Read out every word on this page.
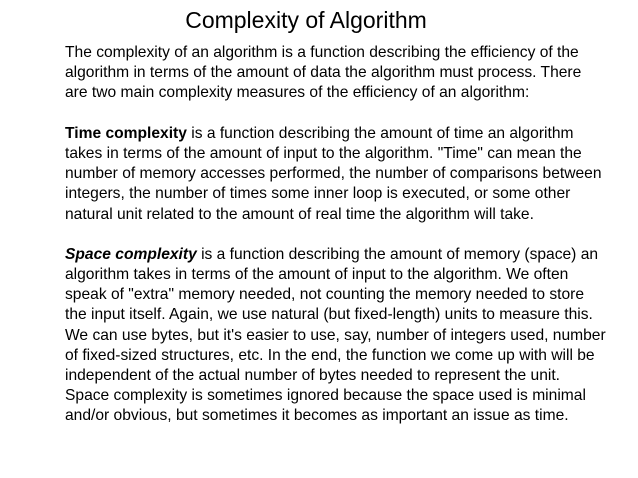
Complexity of Algorithm
The complexity of an algorithm is a function describing the efficiency of the
algorithm in terms of the amount of data the algorithm must process. There
are two main complexity measures of the efficiency of an algorithm:
Time complexity is a function describing the amount of time an algorithm
takes in terms of the amount of input to the algorithm. "Time" can mean the
number of memory accesses performed, the number of comparisons between
integers, the number of times some inner loop is executed, or some other
natural unit related to the amount of real time the algorithm will take.
Space complexity is a function describing the amount of memory (space) an
algorithm takes in terms of the amount of input to the algorithm. We often
speak of "extra" memory needed, not counting the memory needed to store
the input itself. Again, we use natural (but fixed-length) units to measure this.
We can use bytes, but it's easier to use, say, number of integers used, number
of fixed-sized structures, etc. In the end, the function we come up with will be
independent of the actual number of bytes needed to represent the unit.
Space complexity is sometimes ignored because the space used is minimal
and/or obvious, but sometimes it becomes as important an issue as time.
